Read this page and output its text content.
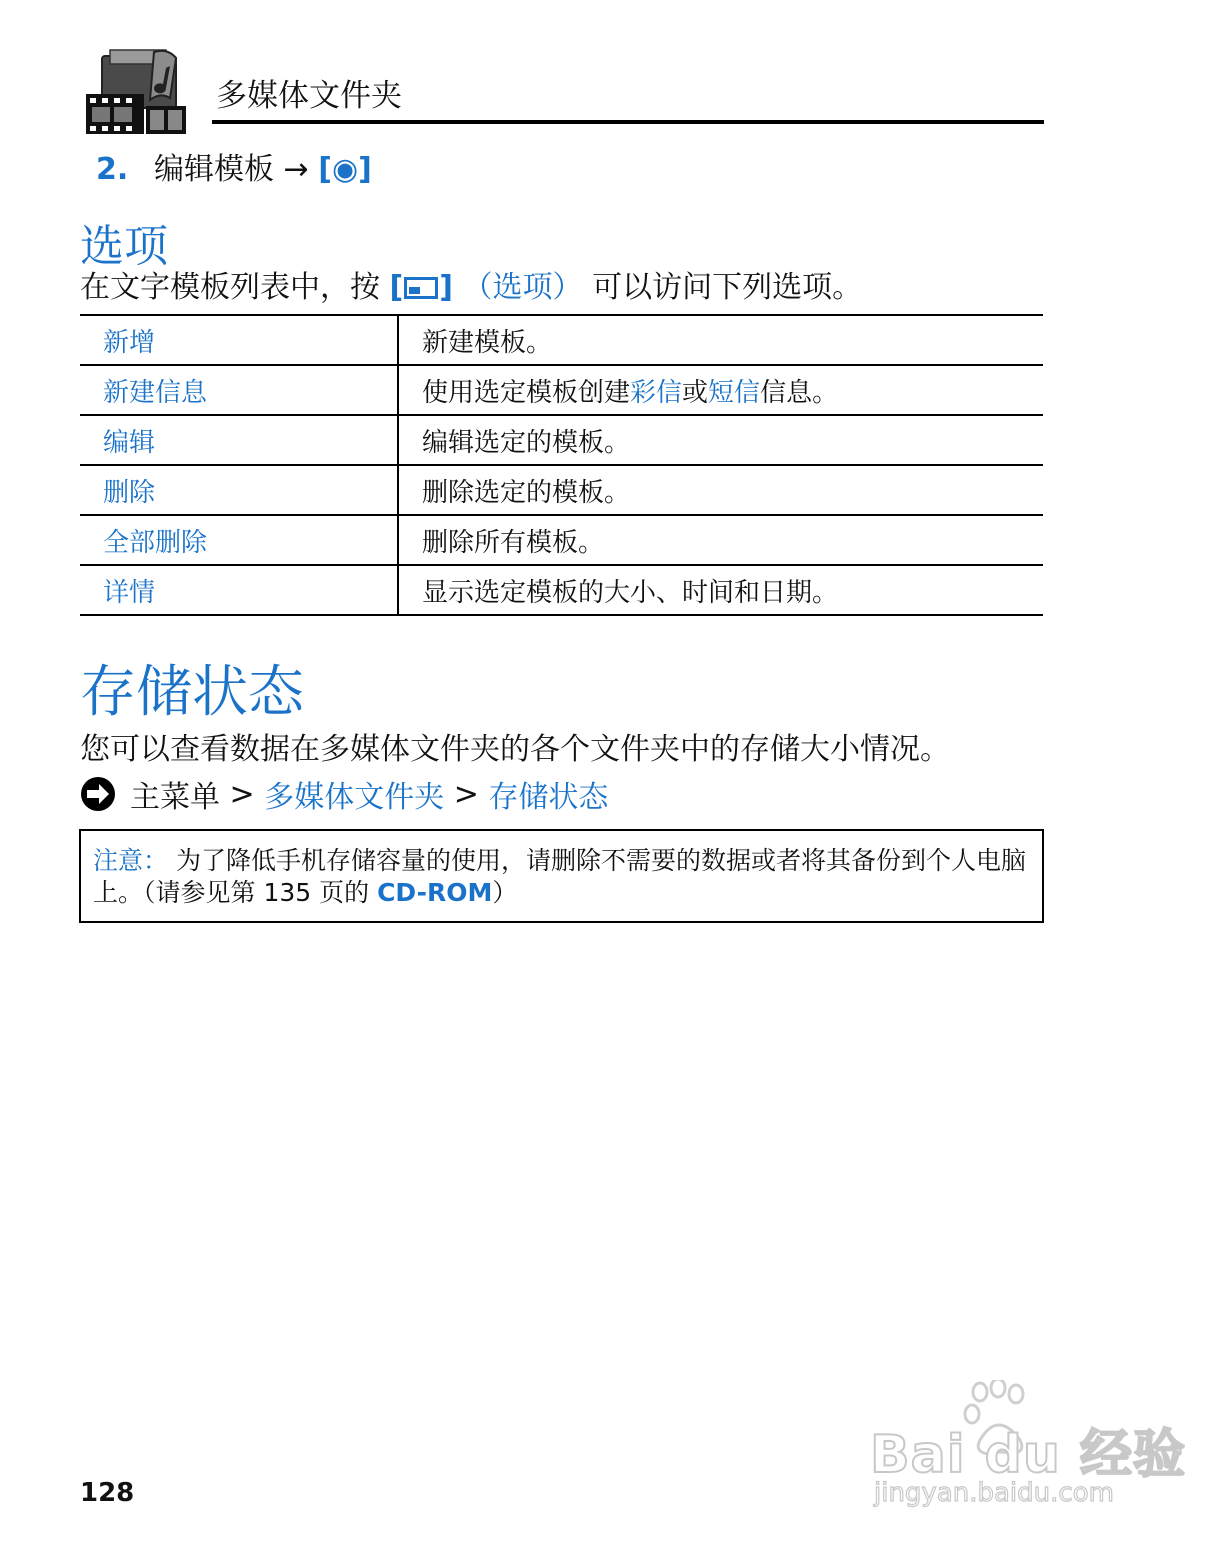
多媒体文件夹
2. 编辑模板 → [◉]
选项
在文字模板列表中，按 [ ] （选项） 可以访问下列选项。
新增	新建模板。
新建信息	使用选定模板创建彩信或短信信息。
编辑	编辑选定的模板。
删除	删除选定的模板。
全部删除	删除所有模板。
详情	显示选定模板的大小、时间和日期。
存储状态
您可以查看数据在多媒体文件夹的各个文件夹中的存储大小情况。
主菜单 > 多媒体文件夹 > 存储状态
注意： 为了降低手机存储容量的使用，请删除不需要的数据或者将其备份到个人电脑上。（请参见第 135 页的 CD-ROM）
128
Bai du 经验
jingyan.baidu.com
